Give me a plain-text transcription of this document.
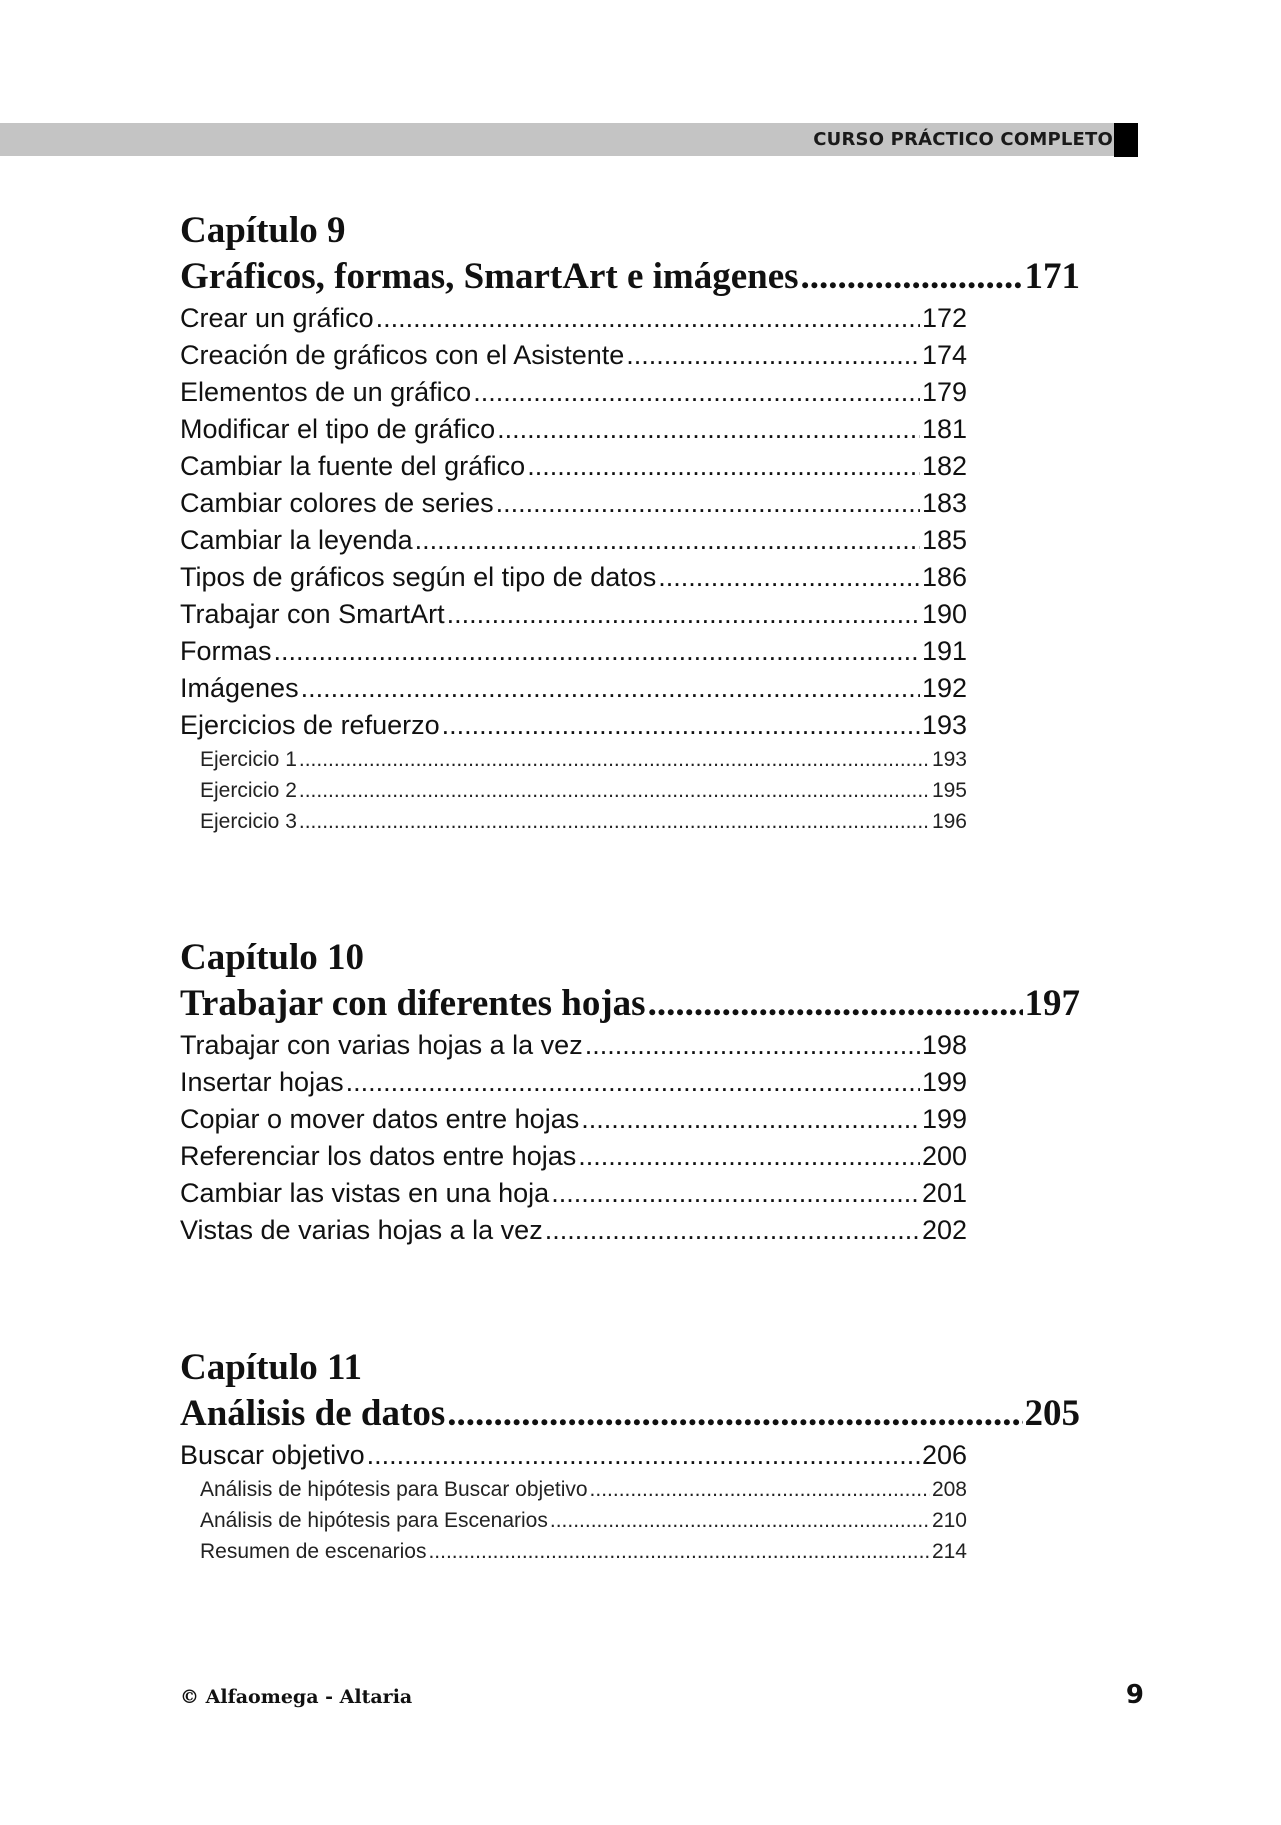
CURSO PRÁCTICO COMPLETO
Capítulo 9
Gráficos, formas, SmartArt e imágenes .....	171
Crear un gráfico .....	172
Creación de gráficos con el Asistente .....	174
Elementos de un gráfico .....	179
Modificar el tipo de gráfico .....	181
Cambiar la fuente del gráfico .....	182
Cambiar colores de series .....	183
Cambiar la leyenda .....	185
Tipos de gráficos según el tipo de datos .....	186
Trabajar con SmartArt .....	190
Formas .....	191
Imágenes .....	192
Ejercicios de refuerzo .....	193
Ejercicio 1 .....	193
Ejercicio 2 .....	195
Ejercicio 3 .....	196
Capítulo 10
Trabajar con diferentes hojas .....	197
Trabajar con varias hojas a la vez .....	198
Insertar hojas .....	199
Copiar o mover datos entre hojas .....	199
Referenciar los datos entre hojas .....	200
Cambiar las vistas en una hoja .....	201
Vistas de varias hojas a la vez .....	202
Capítulo 11
Análisis de datos .....	205
Buscar objetivo .....	206
Análisis de hipótesis para Buscar objetivo .....	208
Análisis de hipótesis para Escenarios .....	210
Resumen de escenarios .....	214
© Alfaomega - Altaria	9
